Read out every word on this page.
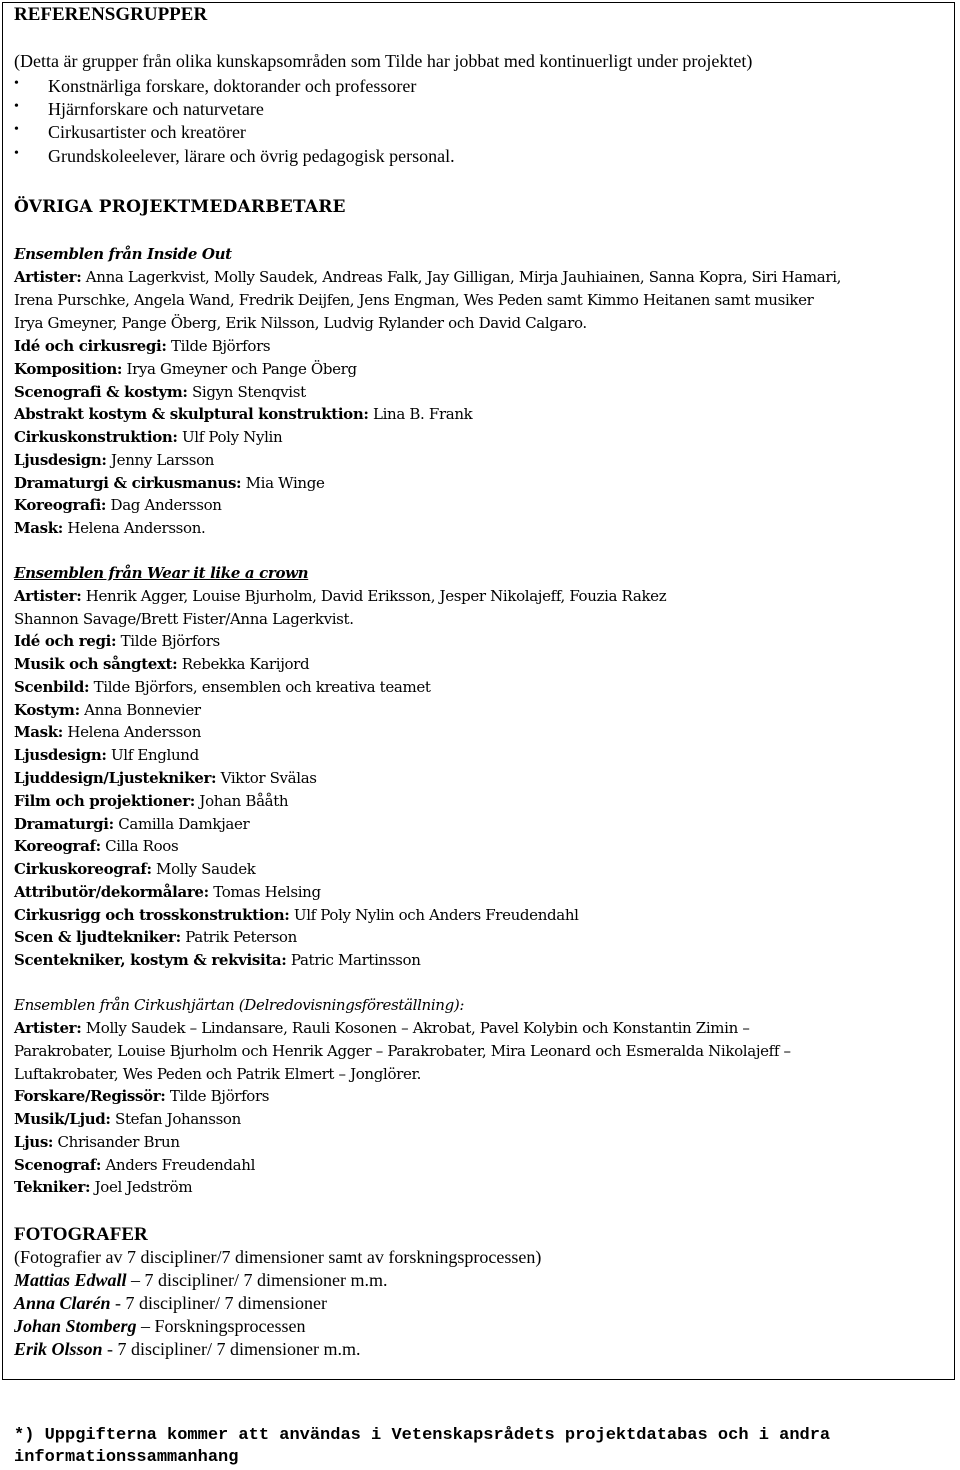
REFERENSGRUPPER
(Detta är grupper från olika kunskapsområden som Tilde har jobbat med kontinuerligt under projektet)
• Konstnärliga forskare, doktorander och professorer
• Hjärnforskare och naturvetare
• Cirkusartister och kreatörer
• Grundskoleelever, lärare och övrig pedagogisk personal.
ÖVRIGA PROJEKTMEDARBETARE
Ensemblen från Inside Out
Artister: Anna Lagerkvist, Molly Saudek, Andreas Falk, Jay Gilligan, Mirja Jauhiainen, Sanna Kopra, Siri Hamari,
Irena Purschke, Angela Wand, Fredrik Deijfen, Jens Engman, Wes Peden samt Kimmo Heitanen samt musiker
Irya Gmeyner, Pange Öberg, Erik Nilsson, Ludvig Rylander och David Calgaro.
Idé och cirkusregi: Tilde Björfors
Komposition: Irya Gmeyner och Pange Öberg
Scenografi & kostym: Sigyn Stenqvist
Abstrakt kostym & skulptural konstruktion: Lina B. Frank
Cirkuskonstruktion: Ulf Poly Nylin
Ljusdesign: Jenny Larsson
Dramaturgi & cirkusmanus: Mia Winge
Koreografi: Dag Andersson
Mask: Helena Andersson.
Ensemblen från Wear it like a crown
Artister: Henrik Agger, Louise Bjurholm, David Eriksson, Jesper Nikolajeff, Fouzia Rakez
Shannon Savage/Brett Fister/Anna Lagerkvist.
Idé och regi: Tilde Björfors
Musik och sångtext: Rebekka Karijord
Scenbild: Tilde Björfors, ensemblen och kreativa teamet
Kostym: Anna Bonnevier
Mask: Helena Andersson
Ljusdesign: Ulf Englund
Ljuddesign/Ljustekniker: Viktor Svälas
Film och projektioner: Johan Bååth
Dramaturgi: Camilla Damkjaer
Koreograf: Cilla Roos
Cirkuskoreograf: Molly Saudek
Attributör/dekormålare: Tomas Helsing
Cirkusrigg och trosskonstruktion: Ulf Poly Nylin och Anders Freudendahl
Scen & ljudtekniker: Patrik Peterson
Scentekniker, kostym & rekvisita: Patric Martinsson
Ensemblen från Cirkushjärtan (Delredovisningsföreställning):
Artister: Molly Saudek – Lindansare, Rauli Kosonen – Akrobat, Pavel Kolybin och Konstantin Zimin –
Parakrobater, Louise Bjurholm och Henrik Agger – Parakrobater, Mira Leonard och Esmeralda Nikolajeff –
Luftakrobater, Wes Peden och Patrik Elmert – Jonglörer.
Forskare/Regissör: Tilde Björfors
Musik/Ljud: Stefan Johansson
Ljus: Chrisander Brun
Scenograf: Anders Freudendahl
Tekniker: Joel Jedström
FOTOGRAFER
(Fotografier av 7 discipliner/7 dimensioner samt av forskningsprocessen)
Mattias Edwall – 7 discipliner/ 7 dimensioner m.m.
Anna Clarén - 7 discipliner/ 7 dimensioner
Johan Stomberg – Forskningsprocessen
Erik Olsson - 7 discipliner/ 7 dimensioner m.m.
*) Uppgifterna kommer att användas i Vetenskapsrådets projektdatabas och i andra
informationssammanhang
